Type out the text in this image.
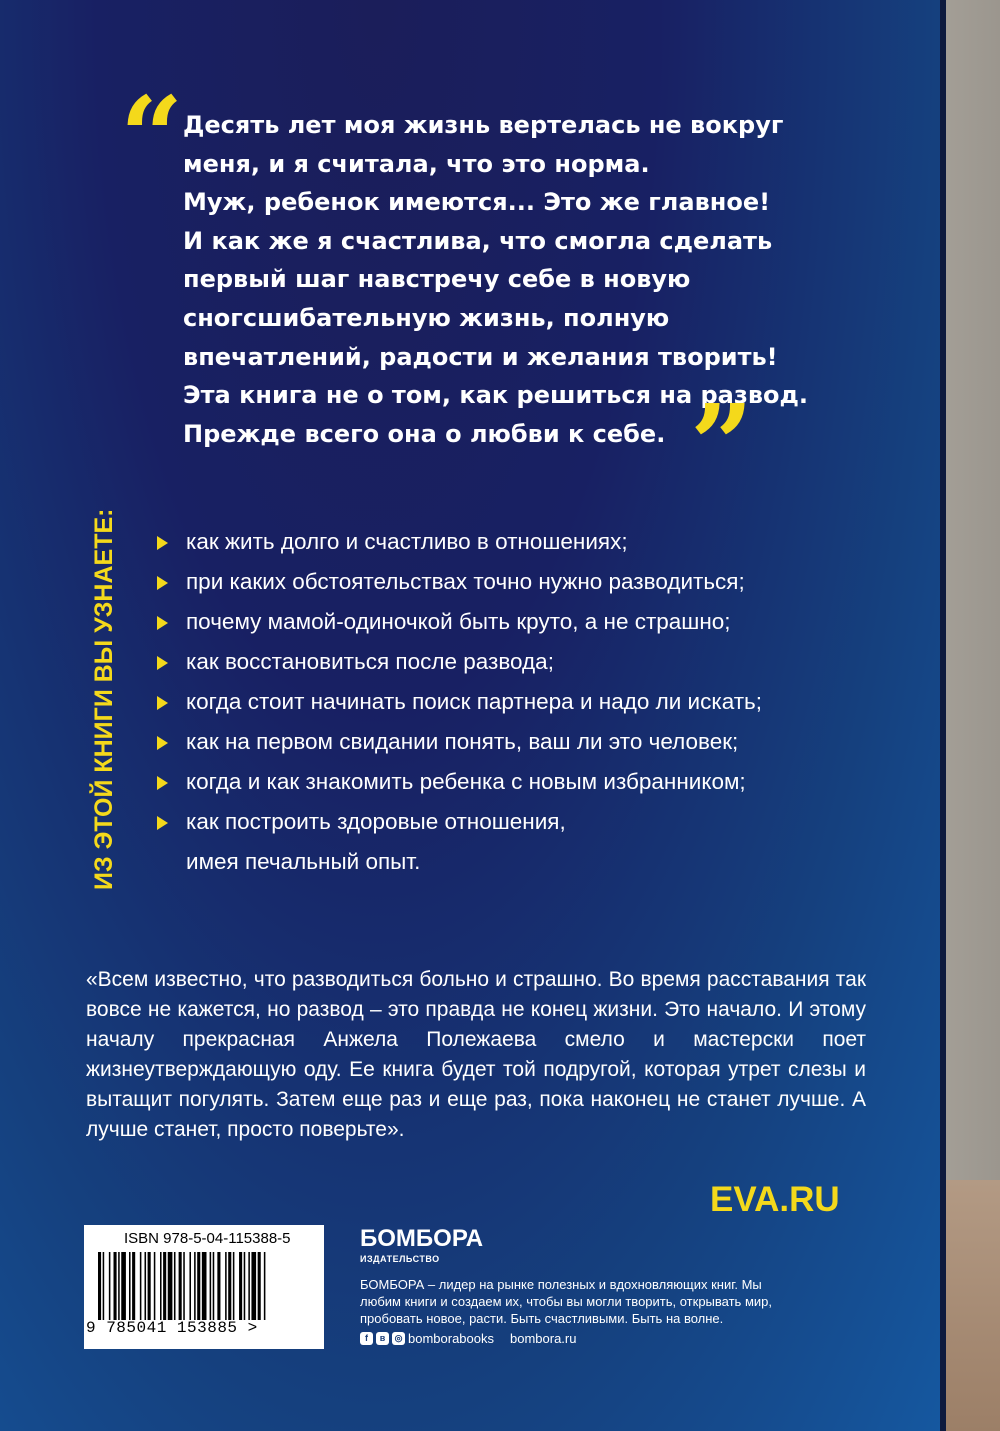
“ Десять лет моя жизнь вертелась не вокруг
меня, и я считала, что это норма.
Муж, ребенок имеются... Это же главное!
И как же я счастлива, что смогла сделать
первый шаг навстречу себе в новую
сногсшибательную жизнь, полную
впечатлений, радости и желания творить!
Эта книга не о том, как решиться на развод.
Прежде всего она о любви к себе. ”
ИЗ ЭТОЙ КНИГИ ВЫ УЗНАЕТЕ:	как жить долго и счастливо в отношениях;
при каких обстоятельствах точно нужно разводиться;
почему мамой-одиночкой быть круто, а не страшно;
как восстановиться после развода;
когда стоит начинать поиск партнера и надо ли искать;
как на первом свидании понять, ваш ли это человек;
когда и как знакомить ребенка с новым избранником;
как построить здоровые отношения,
имея печальный опыт.
«Всем известно, что разводиться больно и страшно. Во время расставания так вовсе не кажется, но развод – это правда не конец жизни. Это начало. И этому началу прекрасная Анжела Полежаева смело и мастерски поет жизнеутверждающую оду. Ее книга будет той подругой, которая утрет слезы и вытащит погулять. Затем еще раз и еще раз, пока наконец не станет лучше. А лучше станет, просто поверьте».
EVA.RU
ISBN 978-5-04-115388-5
9 785041 153885 >
БОМБОРА
ИЗДАТЕЛЬСТВО
БОМБОРА – лидер на рынке полезных и вдохновляющих книг. Мы любим книги и создаем их, чтобы вы могли творить, открывать мир, пробовать новое, расти. Быть счастливыми. Быть на волне.
f	в	◎ bomborabooks bombora.ru
